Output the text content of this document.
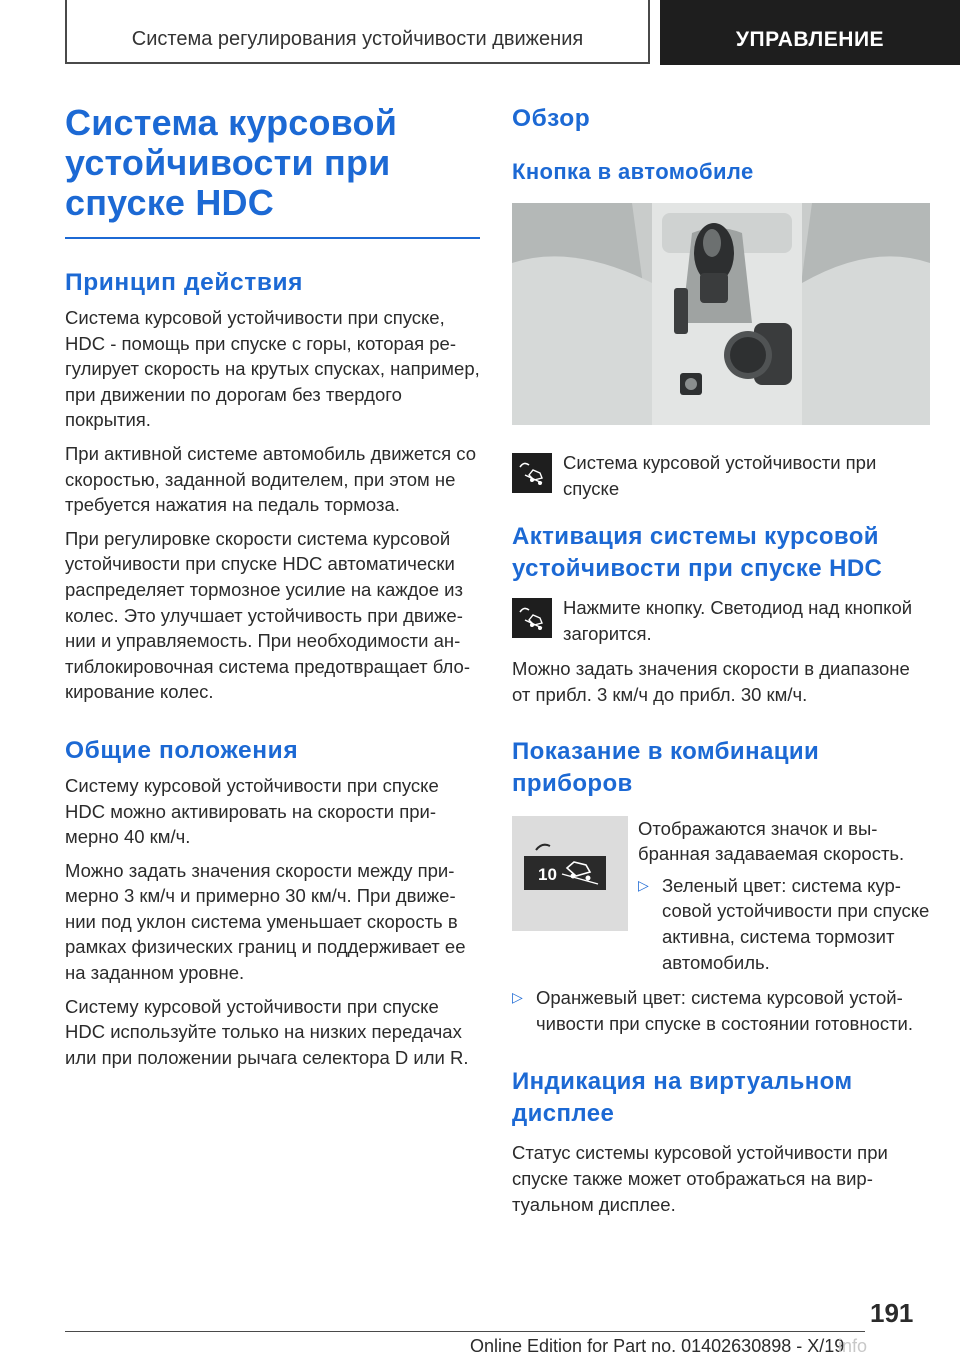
Система регулирования устойчивости движения	УПРАВЛЕНИЕ
Система курсовой устойчивости при спуске HDC
Принцип действия

Система курсовой устойчивости при спуске, HDC - помощь при спуске с горы, которая регулирует скорость на крутых спусках, например, при движении по дорогам без твердого покрытия.

При активной системе автомобиль движется со скоростью, заданной водителем, при этом не требуется нажатия на педаль тормоза.

При регулировке скорости система курсовой устойчивости при спуске HDC автоматически распределяет тормозное усилие на каждое из колес. Это улучшает устойчивость при движении и управляемость. При необходимости антиблокировочная система предотвращает блокирование колес.

Общие положения

Систему курсовой устойчивости при спуске HDC можно активировать на скорости примерно 40 км/ч.

Можно задать значения скорости между примерно 3 км/ч и примерно 30 км/ч. При движении под уклон система уменьшает скорость в рамках физических границ и поддерживает ее на заданном уровне.

Систему курсовой устойчивости при спуске HDC используйте только на низких передачах или при положении рычага селектора D или R.

Обзор
Кнопка в автомобиле

Система курсовой устойчивости при спуске

Активация системы курсовой устойчивости при спуске HDC

Нажмите кнопку. Светодиод над кнопкой загорится.

Можно задать значения скорости в диапазоне от прибл. 3 км/ч до прибл. 30 км/ч.

Показание в комбинации приборов
10

Отображаются значок и выбранная задаваемая скорость.

▷ Зеленый цвет: система курсовой устойчивости при спуске активна, система тормозит автомобиль.

▷ Оранжевый цвет: система курсовой устойчивости при спуске в состоянии готовности.

Индикация на виртуальном дисплее

Статус системы курсовой устойчивости при спуске также может отображаться на виртуальном дисплее.

191
Online Edition for Part no. 01402630898 - X/19
info
